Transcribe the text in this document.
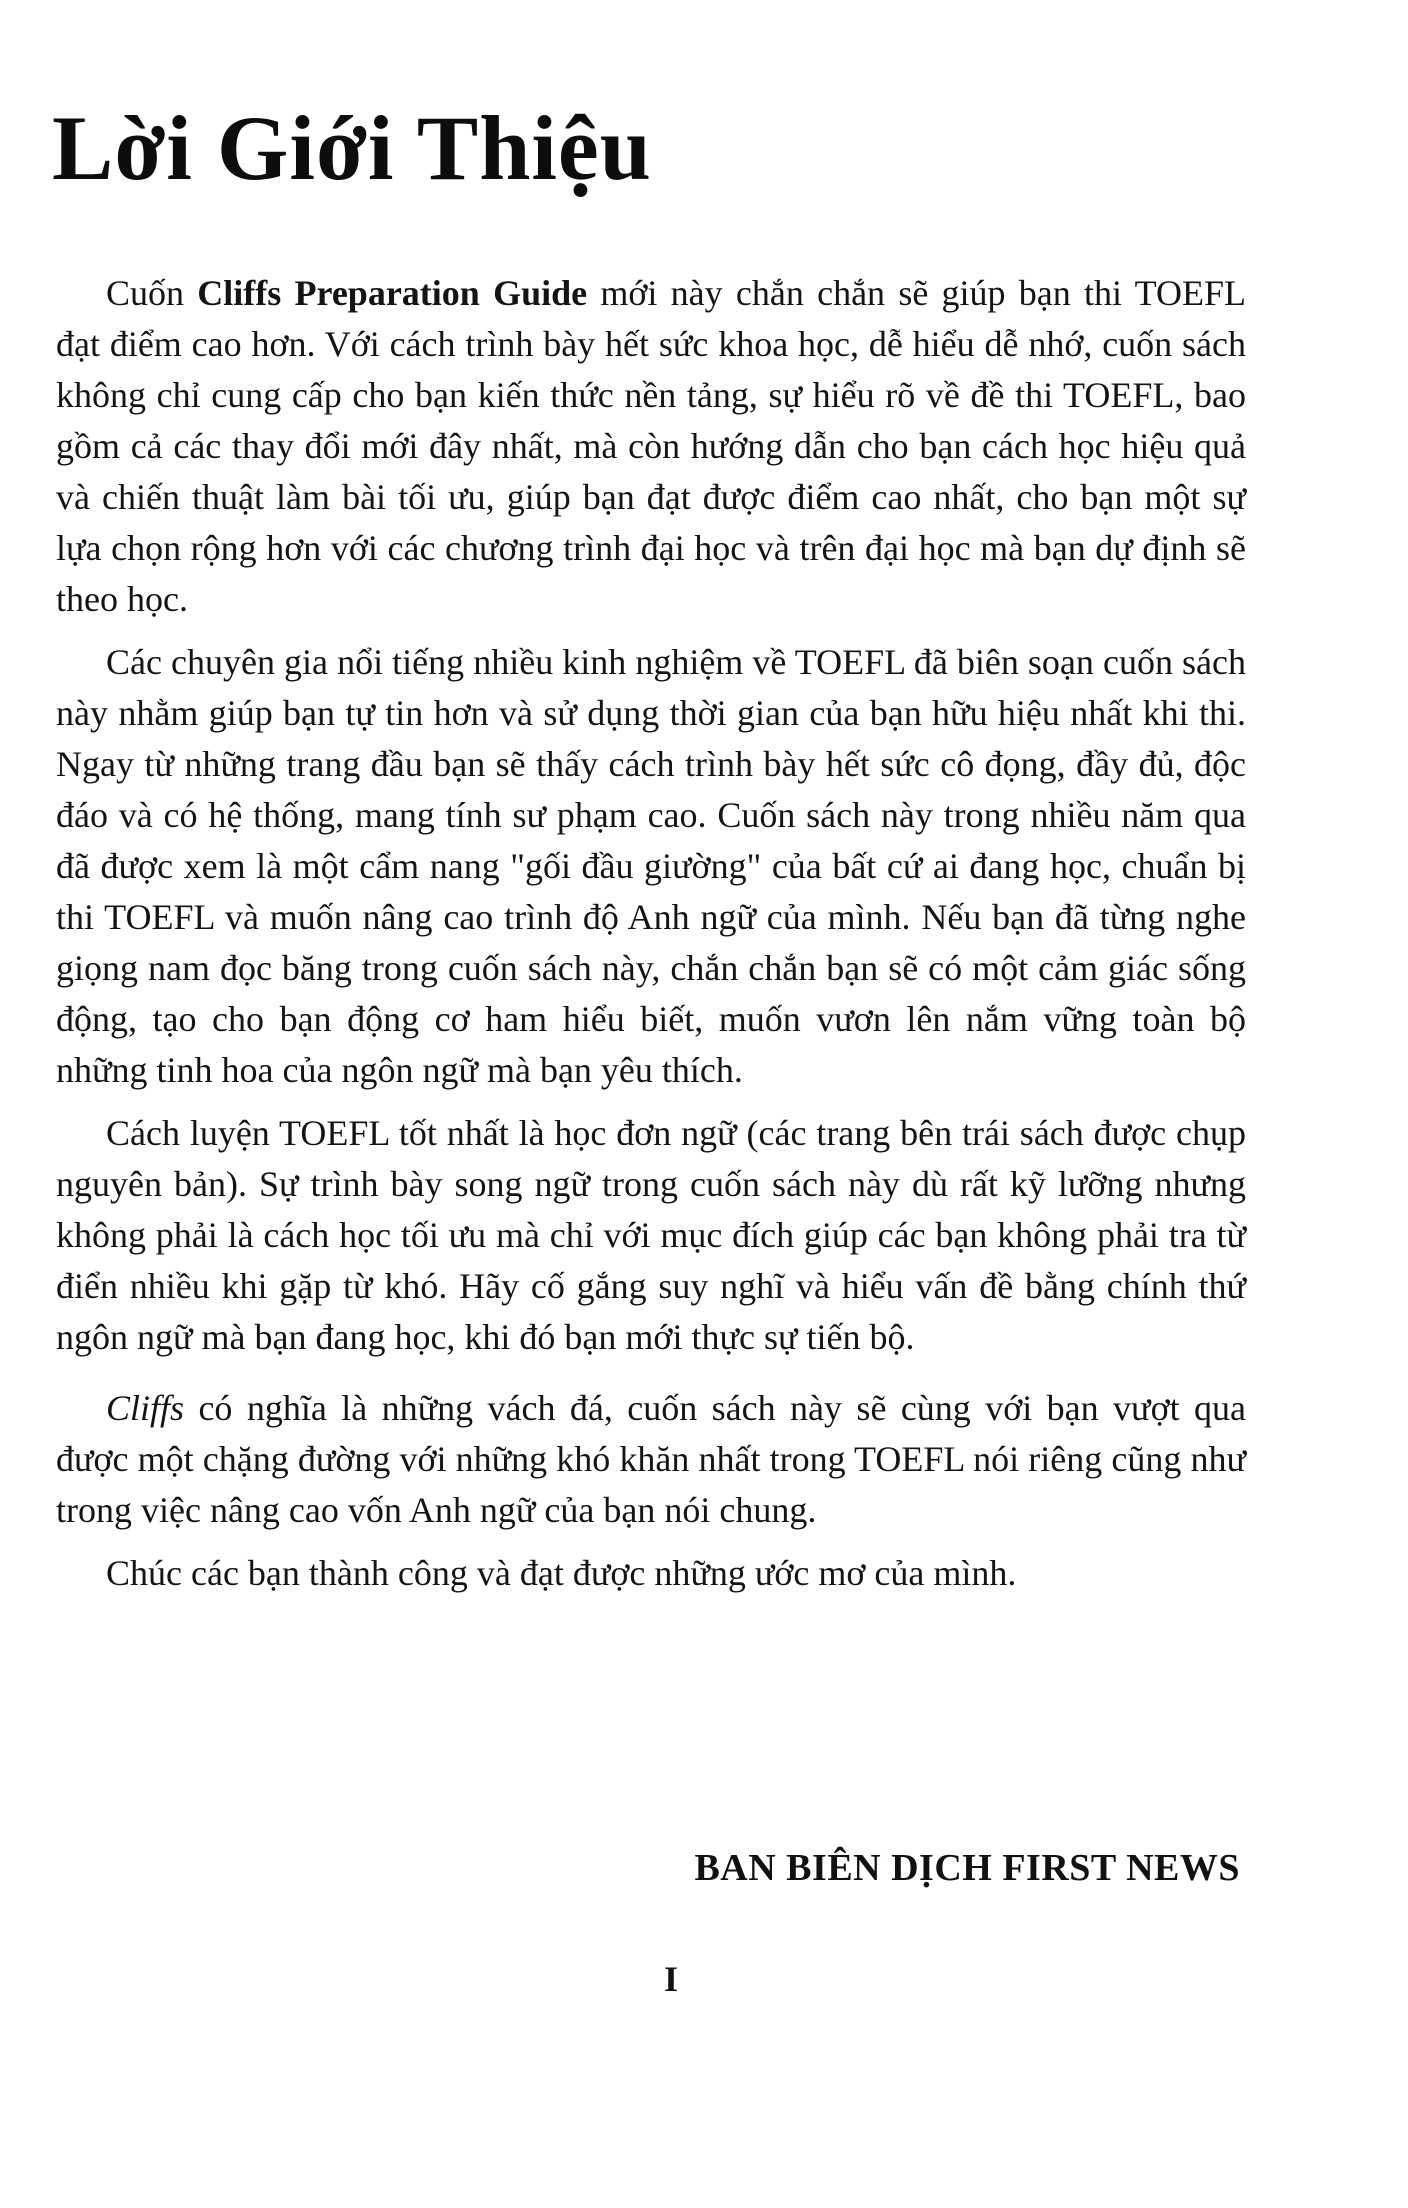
Lời Giới Thiệu

Cuốn Cliffs Preparation Guide mới này chắn chắn sẽ giúp bạn thi TOEFL đạt điểm cao hơn. Với cách trình bày hết sức khoa học, dễ hiểu dễ nhớ, cuốn sách không chỉ cung cấp cho bạn kiến thức nền tảng, sự hiểu rõ về đề thi TOEFL, bao gồm cả các thay đổi mới đây nhất, mà còn hướng dẫn cho bạn cách học hiệu quả và chiến thuật làm bài tối ưu, giúp bạn đạt được điểm cao nhất, cho bạn một sự lựa chọn rộng hơn với các chương trình đại học và trên đại học mà bạn dự định sẽ theo học.

Các chuyên gia nổi tiếng nhiều kinh nghiệm về TOEFL đã biên soạn cuốn sách này nhằm giúp bạn tự tin hơn và sử dụng thời gian của bạn hữu hiệu nhất khi thi. Ngay từ những trang đầu bạn sẽ thấy cách trình bày hết sức cô đọng, đầy đủ, độc đáo và có hệ thống, mang tính sư phạm cao. Cuốn sách này trong nhiều năm qua đã được xem là một cẩm nang "gối đầu giường" của bất cứ ai đang học, chuẩn bị thi TOEFL và muốn nâng cao trình độ Anh ngữ của mình. Nếu bạn đã từng nghe giọng nam đọc băng trong cuốn sách này, chắn chắn bạn sẽ có một cảm giác sống động, tạo cho bạn động cơ ham hiểu biết, muốn vươn lên nắm vững toàn bộ những tinh hoa của ngôn ngữ mà bạn yêu thích.

Cách luyện TOEFL tốt nhất là học đơn ngữ (các trang bên trái sách được chụp nguyên bản). Sự trình bày song ngữ trong cuốn sách này dù rất kỹ lưỡng nhưng không phải là cách học tối ưu mà chỉ với mục đích giúp các bạn không phải tra từ điển nhiều khi gặp từ khó. Hãy cố gắng suy nghĩ và hiểu vấn đề bằng chính thứ ngôn ngữ mà bạn đang học, khi đó bạn mới thực sự tiến bộ.

Cliffs có nghĩa là những vách đá, cuốn sách này sẽ cùng với bạn vượt qua được một chặng đường với những khó khăn nhất trong TOEFL nói riêng cũng như trong việc nâng cao vốn Anh ngữ của bạn nói chung.

Chúc các bạn thành công và đạt được những ước mơ của mình.

BAN BIÊN DỊCH FIRST NEWS

I
